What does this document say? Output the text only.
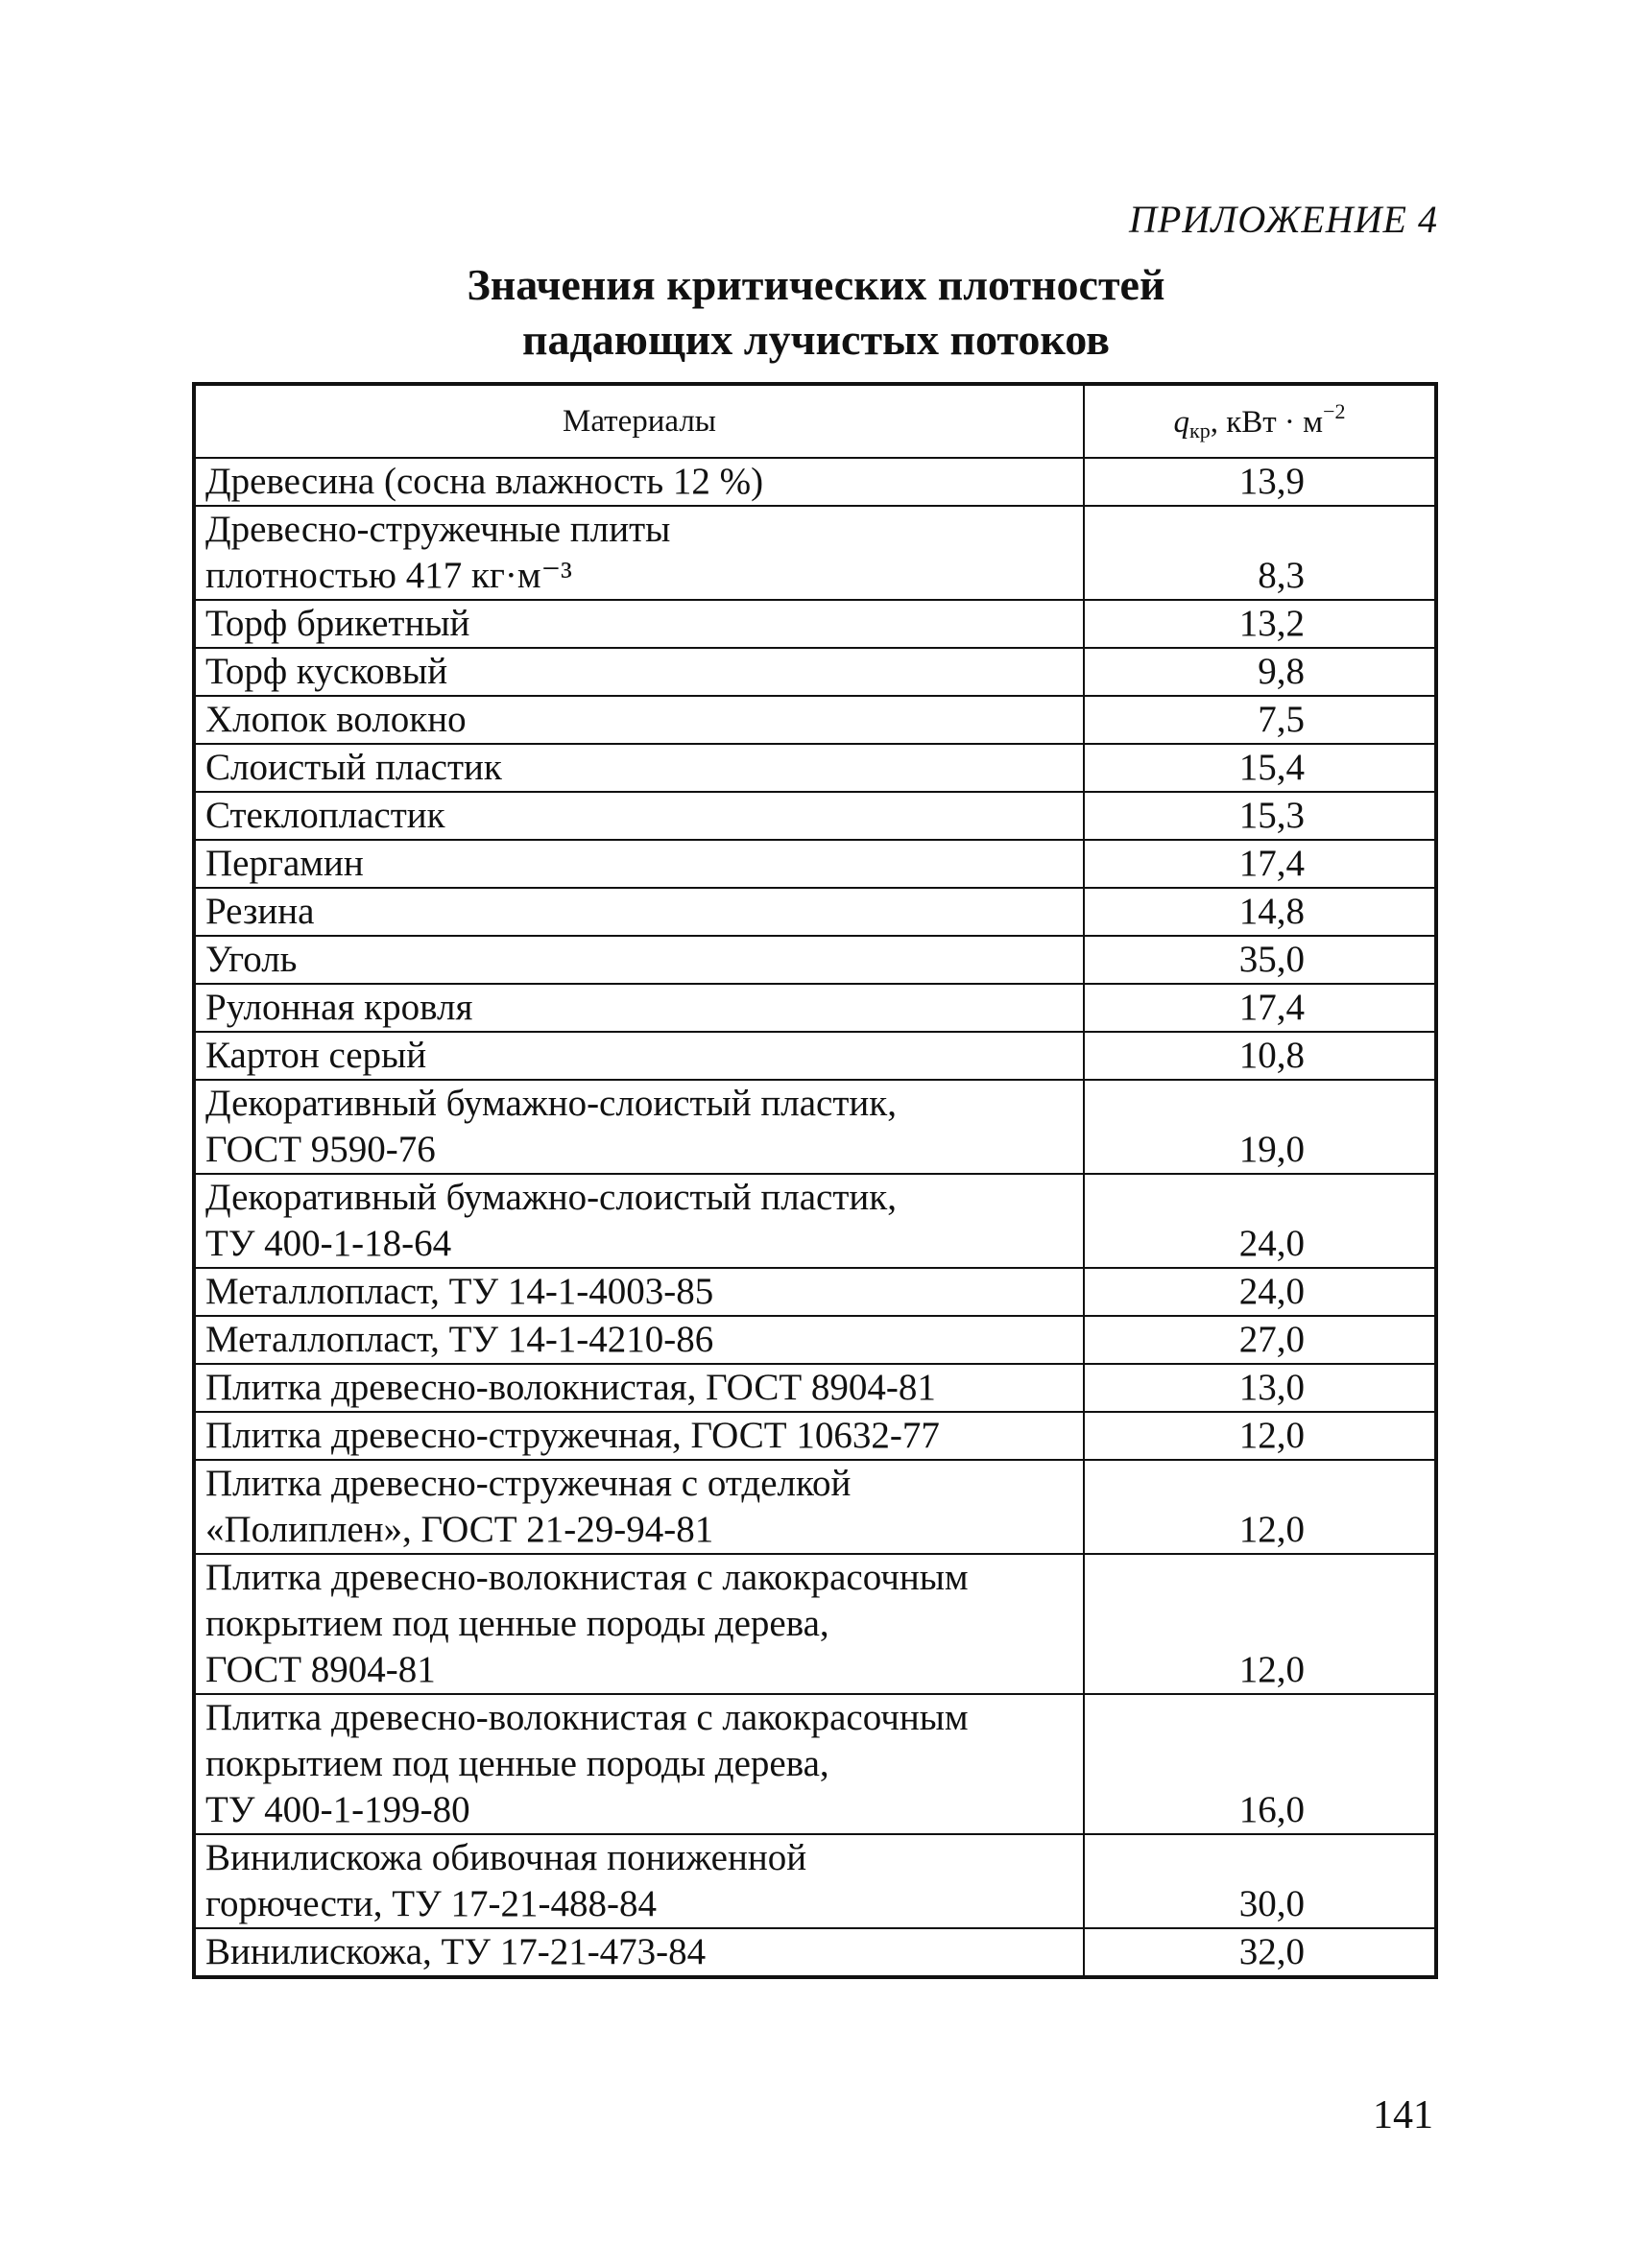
ПРИЛОЖЕНИЕ 4
Значения критических плотностей
падающих лучистых потоков
Материалы	$q_{кр}$, кВт · $м^{-2}$

Древесина (сосна влажность 12 %)	13,9

Древесно-стружечные плиты
плотностью 417 кг·м⁻³	8,3

Торф брикетный	13,2

Торф кусковый	9,8

Хлопок волокно	7,5

Слоистый пластик	15,4

Стеклопластик	15,3

Пергамин	17,4

Резина	14,8

Уголь	35,0

Рулонная кровля	17,4

Картон серый	10,8

Декоративный бумажно-слоистый пластик,
ГОСТ 9590-76	19,0

Декоративный бумажно-слоистый пластик,
ТУ 400-1-18-64	24,0

Металлопласт, ТУ 14-1-4003-85	24,0

Металлопласт, ТУ 14-1-4210-86	27,0

Плитка древесно-волокнистая, ГОСТ 8904-81	13,0

Плитка древесно-стружечная, ГОСТ 10632-77	12,0

Плитка древесно-стружечная с отделкой
«Полиплен», ГОСТ 21-29-94-81	12,0

Плитка древесно-волокнистая с лакокрасочным
покрытием под ценные породы дерева,
ГОСТ 8904-81	12,0

Плитка древесно-волокнистая с лакокрасочным
покрытием под ценные породы дерева,
ТУ 400-1-199-80	16,0

Винилискожа обивочная пониженной
горючести, ТУ 17-21-488-84	30,0

Винилискожа, ТУ 17-21-473-84	32,0
141
